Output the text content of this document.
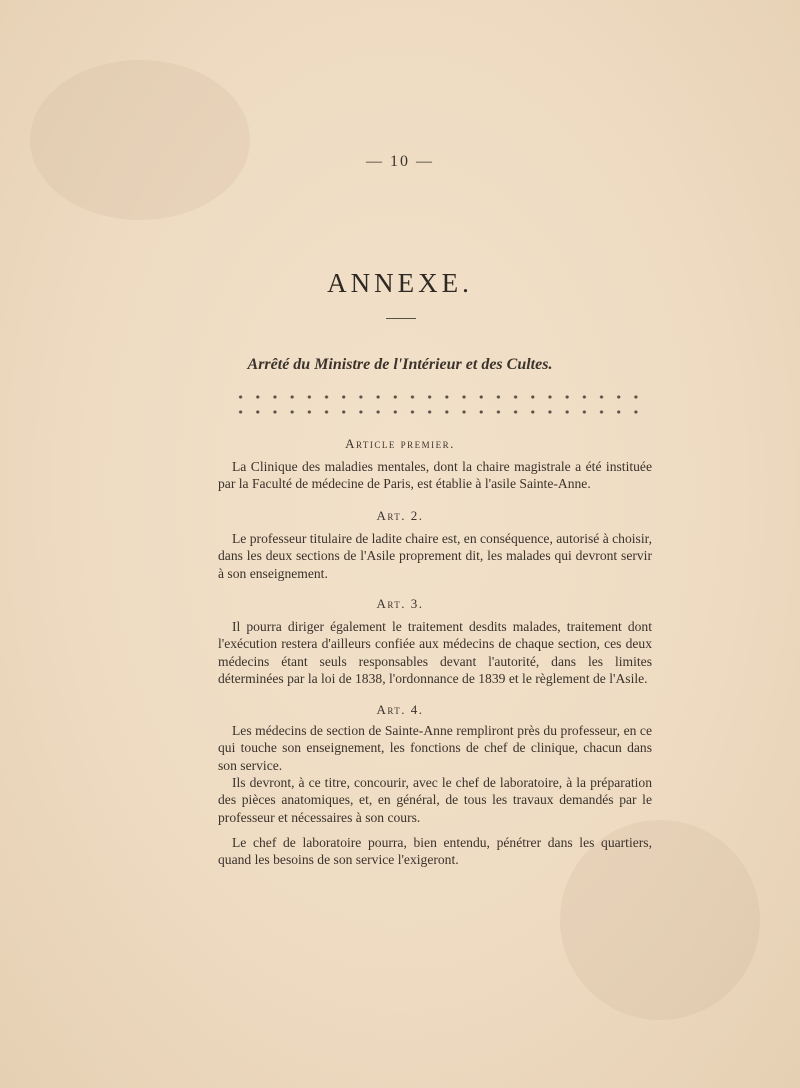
— 10 —
ANNEXE.
Arrêté du Ministre de l'Intérieur et des Cultes.
Article premier.
La Clinique des maladies mentales, dont la chaire magistrale a été instituée par la Faculté de médecine de Paris, est établie à l'asile Sainte-Anne.
Art. 2.
Le professeur titulaire de ladite chaire est, en conséquence, autorisé à choisir, dans les deux sections de l'Asile proprement dit, les malades qui devront servir à son enseignement.
Art. 3.
Il pourra diriger également le traitement desdits malades, traitement dont l'exécution restera d'ailleurs confiée aux médecins de chaque section, ces deux médecins étant seuls responsables devant l'autorité, dans les limites déterminées par la loi de 1838, l'ordonnance de 1839 et le règlement de l'Asile.
Art. 4.
Les médecins de section de Sainte-Anne rempliront près du professeur, en ce qui touche son enseignement, les fonctions de chef de clinique, chacun dans son service.
Ils devront, à ce titre, concourir, avec le chef de laboratoire, à la préparation des pièces anatomiques, et, en général, de tous les travaux demandés par le professeur et nécessaires à son cours.
Le chef de laboratoire pourra, bien entendu, pénétrer dans les quartiers, quand les besoins de son service l'exigeront.
